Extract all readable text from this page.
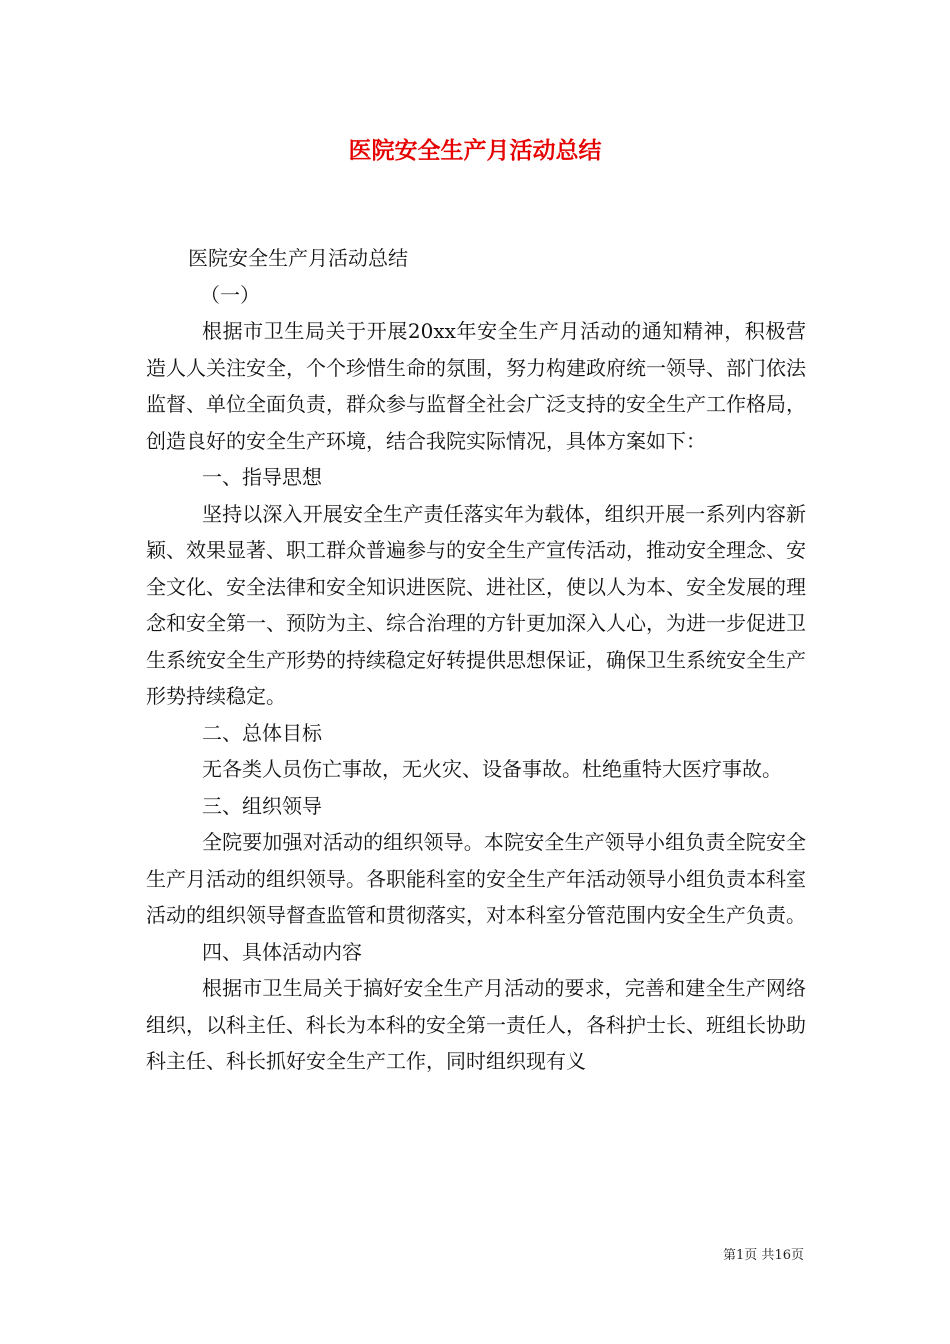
医院安全生产月活动总结

医院安全生产月活动总结

（一）

根据市卫生局关于开展20xx年安全生产月活动的通知精神，积极营造人人关注安全，个个珍惜生命的氛围，努力构建政府统一领导、部门依法监督、单位全面负责，群众参与监督全社会广泛支持的安全生产工作格局，创造良好的安全生产环境，结合我院实际情况，具体方案如下：

一、指导思想

坚持以深入开展安全生产责任落实年为载体，组织开展一系列内容新颖、效果显著、职工群众普遍参与的安全生产宣传活动，推动安全理念、安全文化、安全法律和安全知识进医院、进社区，使以人为本、安全发展的理念和安全第一、预防为主、综合治理的方针更加深入人心，为进一步促进卫生系统安全生产形势的持续稳定好转提供思想保证，确保卫生系统安全生产形势持续稳定。

二、总体目标

无各类人员伤亡事故，无火灾、设备事故。杜绝重特大医疗事故。

三、组织领导

全院要加强对活动的组织领导。本院安全生产领导小组负责全院安全生产月活动的组织领导。各职能科室的安全生产年活动领导小组负责本科室活动的组织领导督查监管和贯彻落实，对本科室分管范围内安全生产负责。

四、具体活动内容

根据市卫生局关于搞好安全生产月活动的要求，完善和建全生产网络组织，以科主任、科长为本科的安全第一责任人，各科护士长、班组长协助科主任、科长抓好安全生产工作，同时组织现有义

第1页 共16页
